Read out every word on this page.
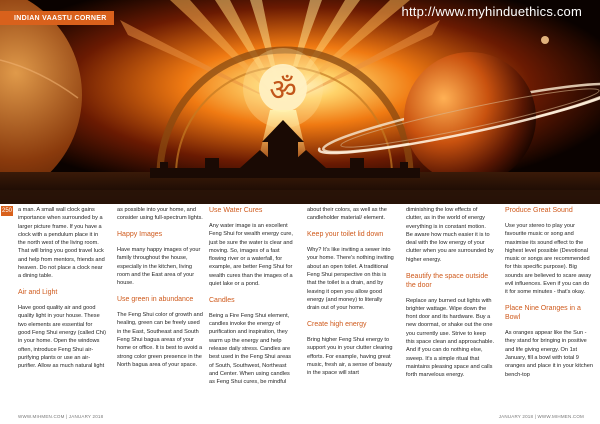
ॐ
INDIAN VAASTU CORNER	http://www.myhinduethics.com
250 a man. A small wall clock gains importance when surrounded by a larger picture frame. If you have a clock with a pendulum place it in the north west of the living room. That will bring you good travel luck and help from mentors, friends and heaven. Do not place a clock near a dining table.

Air and Light

Have good quality air and good quality light in your house. These two elements are essential for good Feng Shui energy (called Chi) in your home. Open the windows often, introduce Feng Shui air-purifying plants or use an air-purifier. Allow as much natural light

as possible into your home, and consider using full-spectrum lights.

Happy Images

Have many happy images of your family throughout the house, especially in the kitchen, living room and the East area of your house.

Use green in abundance

The Feng Shui color of growth and healing, green can be freely used in the East, Southeast and South Feng Shui bagua areas of your home or office. It is best to avoid a strong color green presence in the North bagua area of your space.

Use Water Cures

Any water image is an excellent Feng Shui for wealth energy cure, just be sure the water is clear and moving. So, images of a fast flowing river or a waterfall, for example, are better Feng Shui for wealth cures than the images of a quiet lake or a pond.

Candles

Being a Fire Feng Shui element, candles invoke the energy of purification and inspiration, they warm up the energy and help release daily stress. Candles are best used in the Feng Shui areas of South, Southwest, Northeast and Center. When using candles as Feng Shui cures, be mindful

about their colors, as well as the candleholder material/ element.

Keep your toilet lid down

Why? It's like inviting a sewer into your home. There's nothing inviting about an open toilet. A traditional Feng Shui perspective on this is that the toilet is a drain, and by leaving it open you allow good energy (and money) to literally drain out of your home.

Create high energy

Bring higher Feng Shui energy to support you in your clutter clearing efforts. For example, having great music, fresh air, a sense of beauty in the space will start

diminishing the low effects of clutter, as in the world of energy everything is in constant motion. Be aware how much easier it is to deal with the low energy of your clutter when you are surrounded by higher energy.

Beautify the space outside the door

Replace any burned out lights with brighter wattage. Wipe down the front door and its hardware. Buy a new doormat, or shake out the one you currently use. Strive to keep this space clean and approachable. And if you can do nothing else, sweep. It's a simple ritual that maintains pleasing space and calls forth marvelous energy.

Produce Great Sound

Use your stereo to play your favourite music or song and maximise its sound effect to the highest level possible (Devotional music or songs are recommended for this specific purpose). Big sounds are believed to scare away evil influences. Even if you can do it for some minutes - that's okay.

Place Nine Oranges in a Bowl

As oranges appear like the Sun - they stand for bringing in positive and life giving energy. On 1st January, fill a bowl with total 9 oranges and place it in your kitchen bench-top

WWW.MIHMEN.COM | JANUARY 2018	JANUARY 2018 | WWW.MIHMEN.COM
